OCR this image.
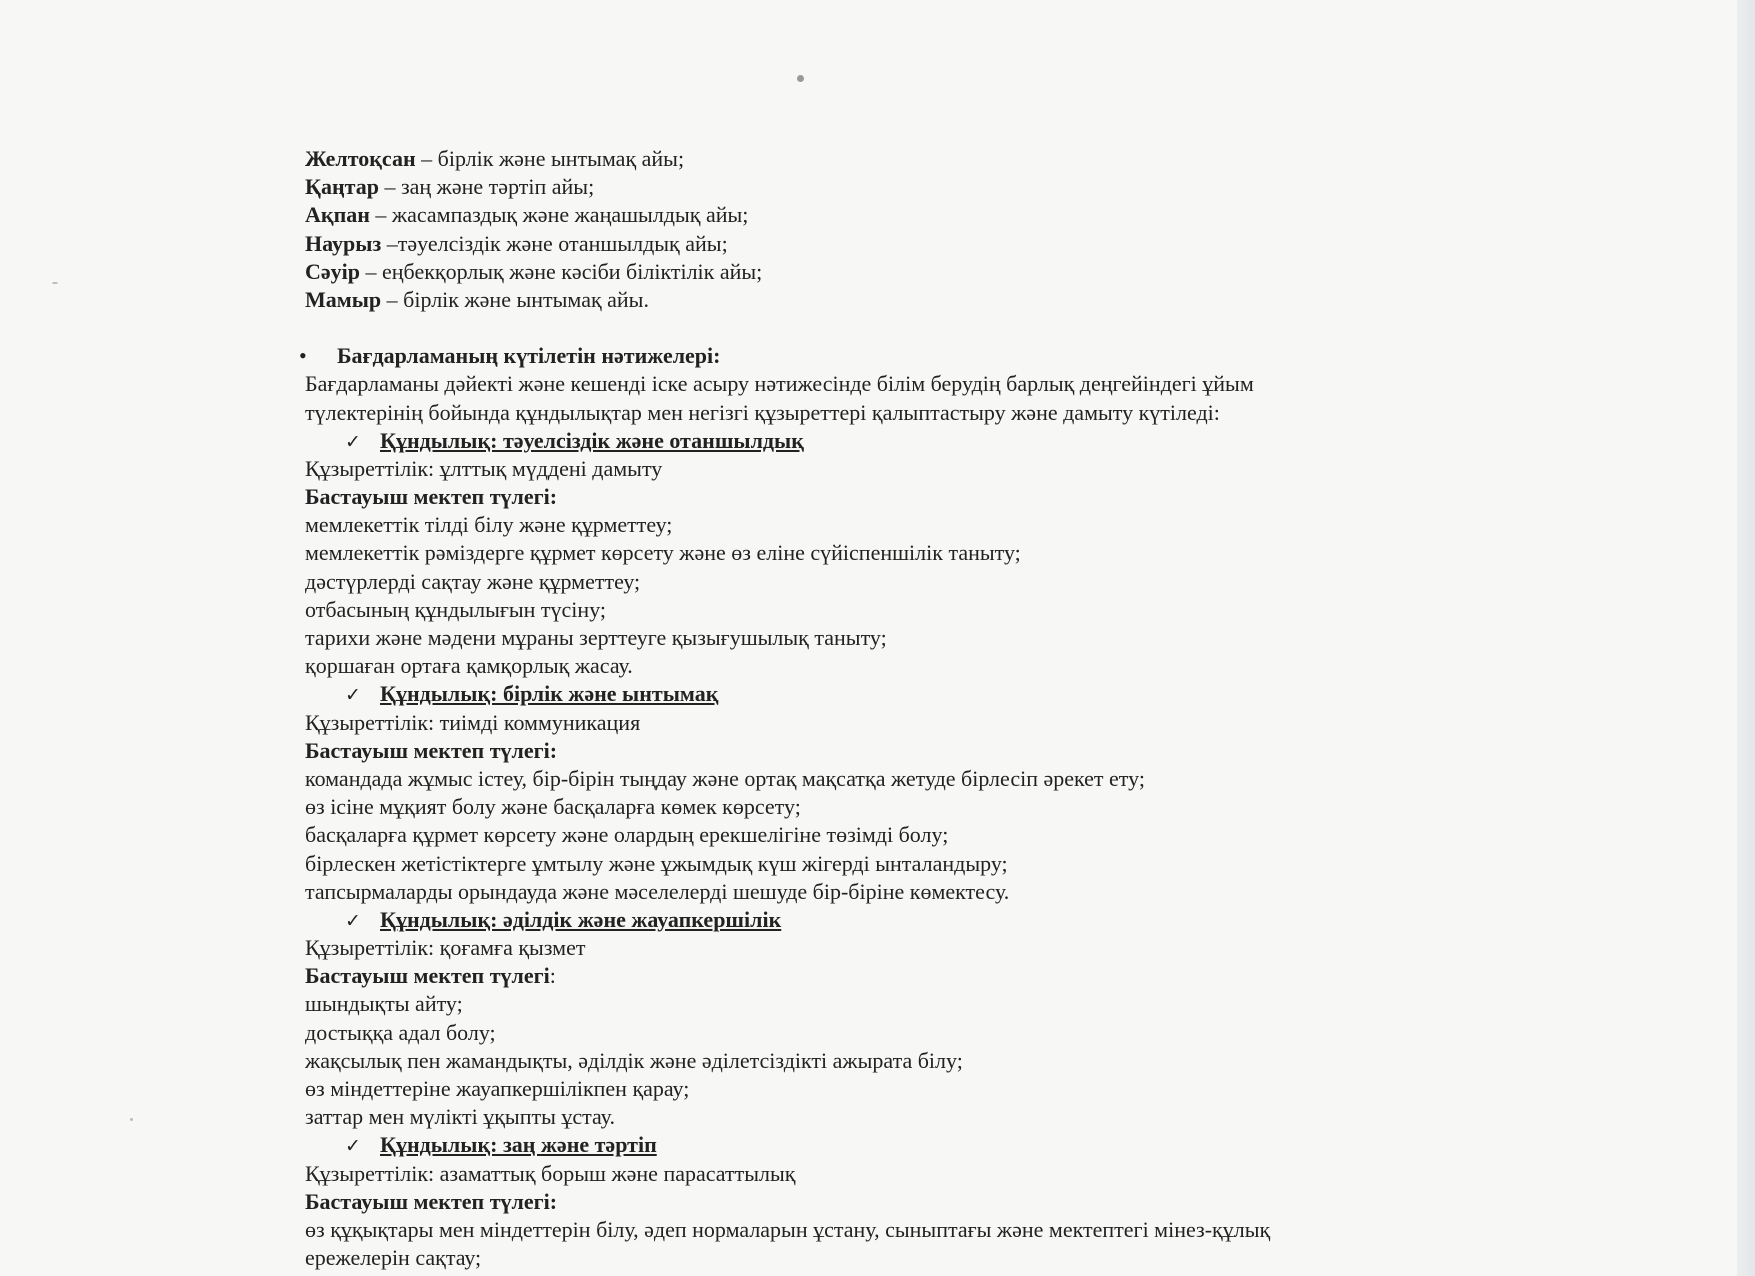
Желтоқсан – бірлік және ынтымақ айы;
Қаңтар – заң және тәртіп айы;
Ақпан – жасампаздық және жаңашылдық айы;
Наурыз –тәуелсіздік және отаншылдық айы;
Сәуір – еңбекқорлық және кәсіби біліктілік айы;
Мамыр – бірлік және ынтымақ айы.
• Бағдарламаның күтілетін нәтижелері:
Бағдарламаны дәйекті және кешенді іске асыру нәтижесінде білім берудің барлық деңгейіндегі ұйым
түлектерінің бойында құндылықтар мен негізгі құзыреттері қалыптастыру және дамыту күтіледі:
✓ Құндылық: тәуелсіздік және отаншылдық
Құзыреттілік: ұлттық мүддені дамыту
Бастауыш мектеп түлегі:
мемлекеттік тілді білу және құрметтеу;
мемлекеттік рәміздерге құрмет көрсету және өз еліне сүйіспеншілік таныту;
дәстүрлерді сақтау және құрметтеу;
отбасының құндылығын түсіну;
тарихи және мәдени мұраны зерттеуге қызығушылық таныту;
қоршаған ортаға қамқорлық жасау.
✓ Құндылық: бірлік және ынтымақ
Құзыреттілік: тиімді коммуникация
Бастауыш мектеп түлегі:
командада жұмыс істеу, бір-бірін тыңдау және ортақ мақсатқа жетуде бірлесіп әрекет ету;
өз ісіне мұқият болу және басқаларға көмек көрсету;
басқаларға құрмет көрсету және олардың ерекшелігіне төзімді болу;
бірлескен жетістіктерге ұмтылу және ұжымдық күш жігерді ынталандыру;
тапсырмаларды орындауда және мәселелерді шешуде бір-біріне көмектесу.
✓ Құндылық: әділдік және жауапкершілік
Құзыреттілік: қоғамға қызмет
Бастауыш мектеп түлегі:
шындықты айту;
достыққа адал болу;
жақсылық пен жамандықты, әділдік және әділетсіздікті ажырата білу;
өз міндеттеріне жауапкершілікпен қарау;
заттар мен мүлікті ұқыпты ұстау.
✓ Құндылық: заң және тәртіп
Құзыреттілік: азаматтық борыш және парасаттылық
Бастауыш мектеп түлегі:
өз құқықтары мен міндеттерін білу, әдеп нормаларын ұстану, сыныптағы және мектептегі мінез-құлық
ережелерін сақтау;
